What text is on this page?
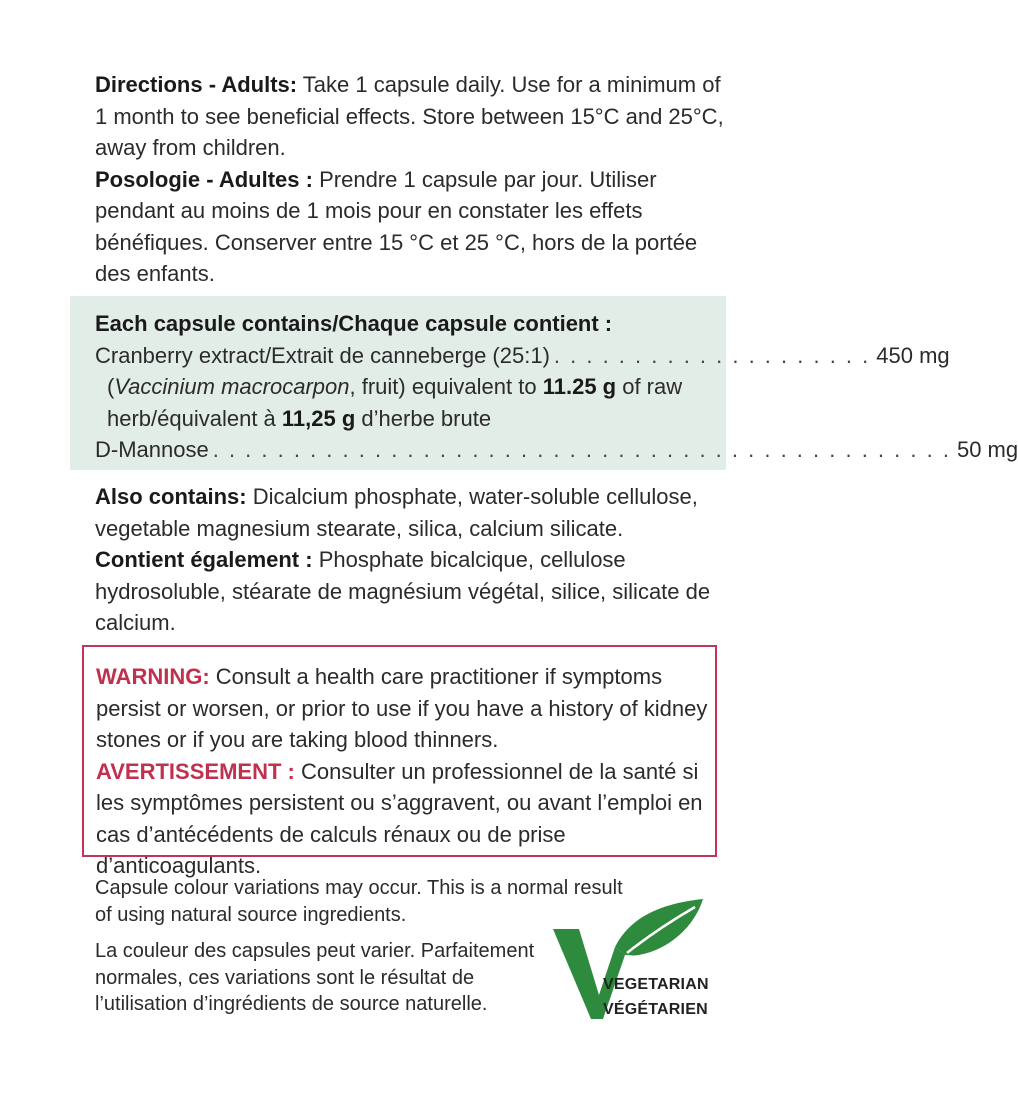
Directions - Adults: Take 1 capsule daily. Use for a minimum of 1 month to see beneficial effects. Store between 15°C and 25°C, away from children.

Posologie - Adultes : Prendre 1 capsule par jour. Utiliser pendant au moins de 1 mois pour en constater les effets bénéfiques. Conserver entre 15 °C et 25 °C, hors de la portée des enfants.

Each capsule contains/Chaque capsule contient :

Cranberry extract/Extrait de canneberge (25:1) . . . . . . . . . . . . . . . . . . . . 450 mg

(Vaccinium macrocarpon, fruit) equivalent to 11.25 g of raw

herb/équivalent à 11,25 g d’herbe brute

D-Mannose . . . . . . . . . . . . . . . . . . . . . . . . . . . . . . . . . . . . . . . . . . . . . . 50 mg

Also contains: Dicalcium phosphate, water-soluble cellulose, vegetable magnesium stearate, silica, calcium silicate.

Contient également : Phosphate bicalcique, cellulose hydrosoluble, stéarate de magnésium végétal, silice, silicate de calcium.

WARNING: Consult a health care practitioner if symptoms persist or worsen, or prior to use if you have a history of kidney stones or if you are taking blood thinners.

AVERTISSEMENT : Consulter un professionnel de la santé si les symptômes persistent ou s’aggravent, ou avant l’emploi en cas d’antécédents de calculs rénaux ou de prise d’anticoagulants.

Capsule colour variations may occur. This is a normal result

of using natural source ingredients.

La couleur des capsules peut varier. Parfaitement

normales, ces variations sont le résultat de

l’utilisation d’ingrédients de source naturelle.

VEGETARIAN
VÉGÉTARIEN
